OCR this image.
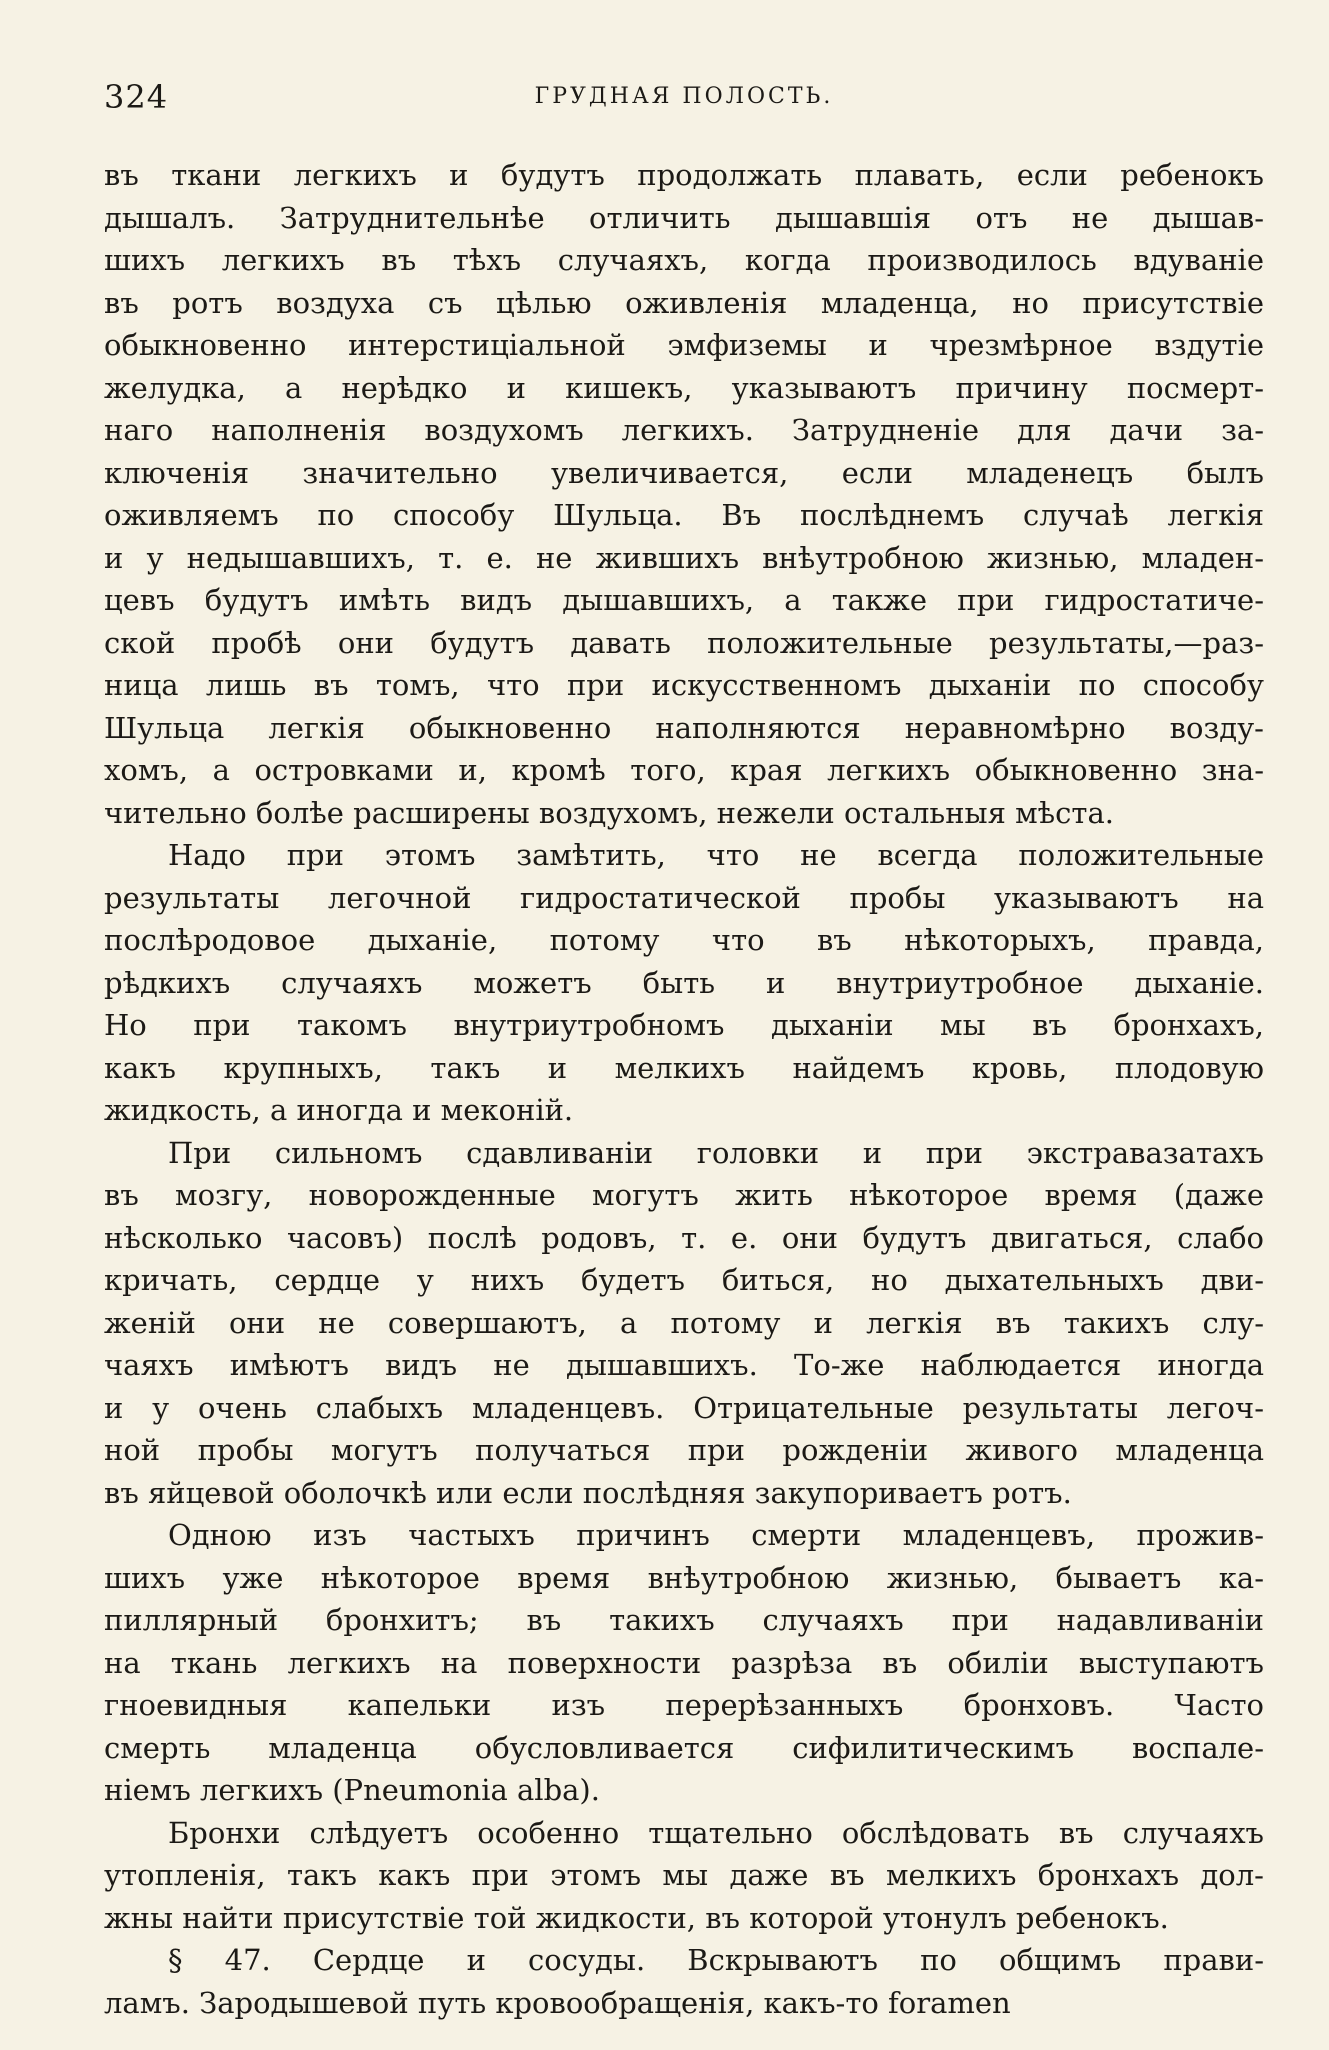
324	ГРУДНАЯ ПОЛОСТЬ.
въ ткани легкихъ и будутъ продолжать плавать, если ребенокъ
дышалъ. Затруднительнѣе отличить дышавшія отъ не дышав-
шихъ легкихъ въ тѣхъ случаяхъ, когда производилось вдуваніе
въ ротъ воздуха съ цѣлью оживленія младенца, но присутствіе
обыкновенно интерстиціальной эмфиземы и чрезмѣрное вздутіе
желудка, а нерѣдко и кишекъ, указываютъ причину посмерт-
наго наполненія воздухомъ легкихъ. Затрудненіе для дачи за-
ключенія значительно увеличивается, если младенецъ былъ
оживляемъ по способу Шульца. Въ послѣднемъ случаѣ легкія
и у недышавшихъ, т. е. не жившихъ внѣутробною жизнью, младен-
цевъ будутъ имѣть видъ дышавшихъ, а также при гидростатиче-
ской пробѣ они будутъ давать положительные результаты,—раз-
ница лишь въ томъ, что при искусственномъ дыханіи по способу
Шульца легкія обыкновенно наполняются неравномѣрно возду-
хомъ, а островками и, кромѣ того, края легкихъ обыкновенно зна-
чительно болѣе расширены воздухомъ, нежели остальныя мѣста.
Надо при этомъ замѣтить, что не всегда положительные
результаты легочной гидростатической пробы указываютъ на
послѣродовое дыханіе, потому что въ нѣкоторыхъ, правда,
рѣдкихъ случаяхъ можетъ быть и внутриутробное дыханіе.
Но при такомъ внутриутробномъ дыханіи мы въ бронхахъ,
какъ крупныхъ, такъ и мелкихъ найдемъ кровь, плодовую
жидкость, а иногда и меконій.
При сильномъ сдавливаніи головки и при экстравазатахъ
въ мозгу, новорожденные могутъ жить нѣкоторое время (даже
нѣсколько часовъ) послѣ родовъ, т. е. они будутъ двигаться, слабо
кричать, сердце у нихъ будетъ биться, но дыхательныхъ дви-
женій они не совершаютъ, а потому и легкія въ такихъ слу-
чаяхъ имѣютъ видъ не дышавшихъ. То-же наблюдается иногда
и у очень слабыхъ младенцевъ. Отрицательные результаты легоч-
ной пробы могутъ получаться при рожденіи живого младенца
въ яйцевой оболочкѣ или если послѣдняя закупориваетъ ротъ.
Одною изъ частыхъ причинъ смерти младенцевъ, прожив-
шихъ уже нѣкоторое время внѣутробною жизнью, бываетъ ка-
пиллярный бронхитъ; въ такихъ случаяхъ при надавливаніи
на ткань легкихъ на поверхности разрѣза въ обиліи выступаютъ
гноевидныя капельки изъ перерѣзанныхъ бронховъ. Часто
смерть младенца обусловливается сифилитическимъ воспале-
ніемъ легкихъ (Pneumonia alba).
Бронхи слѣдуетъ особенно тщательно обслѣдовать въ случаяхъ
утопленія, такъ какъ при этомъ мы даже въ мелкихъ бронхахъ дол-
жны найти присутствіе той жидкости, въ которой утонулъ ребенокъ.
§ 47. Сердце и сосуды. Вскрываютъ по общимъ прави-
ламъ. Зародышевой путь кровообращенія, какъ-то foramen
